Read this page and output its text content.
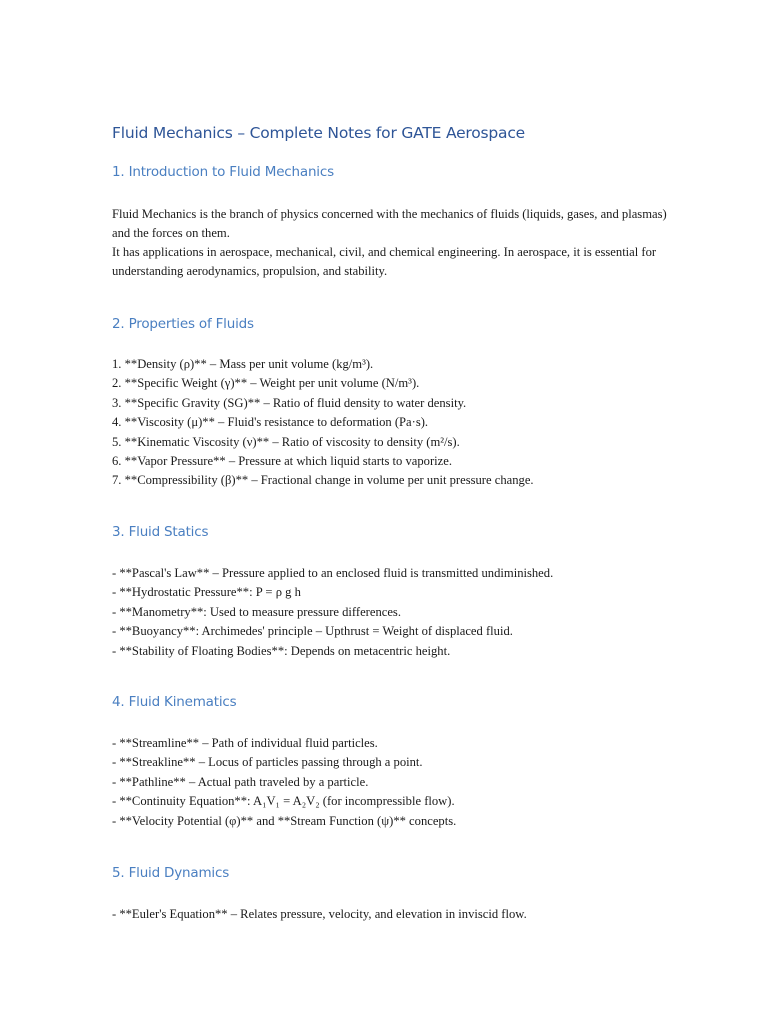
Fluid Mechanics – Complete Notes for GATE Aerospace
1. Introduction to Fluid Mechanics

Fluid Mechanics is the branch of physics concerned with the mechanics of fluids (liquids, gases, and plasmas) and the forces on them.

It has applications in aerospace, mechanical, civil, and chemical engineering. In aerospace, it is essential for understanding aerodynamics, propulsion, and stability.

2. Properties of Fluids
1. **Density (ρ)** – Mass per unit volume (kg/m³).
2. **Specific Weight (γ)** – Weight per unit volume (N/m³).
3. **Specific Gravity (SG)** – Ratio of fluid density to water density.
4. **Viscosity (μ)** – Fluid's resistance to deformation (Pa·s).
5. **Kinematic Viscosity (ν)** – Ratio of viscosity to density (m²/s).
6. **Vapor Pressure** – Pressure at which liquid starts to vaporize.
7. **Compressibility (β)** – Fractional change in volume per unit pressure change.
3. Fluid Statics
- **Pascal's Law** – Pressure applied to an enclosed fluid is transmitted undiminished.
- **Hydrostatic Pressure**: P = ρ g h
- **Manometry**: Used to measure pressure differences.
- **Buoyancy**: Archimedes' principle – Upthrust = Weight of displaced fluid.
- **Stability of Floating Bodies**: Depends on metacentric height.
4. Fluid Kinematics
- **Streamline** – Path of individual fluid particles.
- **Streakline** – Locus of particles passing through a point.
- **Pathline** – Actual path traveled by a particle.
- **Continuity Equation**: A₁V₁ = A₂V₂ (for incompressible flow).
- **Velocity Potential (φ)** and **Stream Function (ψ)** concepts.
5. Fluid Dynamics
- **Euler's Equation** – Relates pressure, velocity, and elevation in inviscid flow.
